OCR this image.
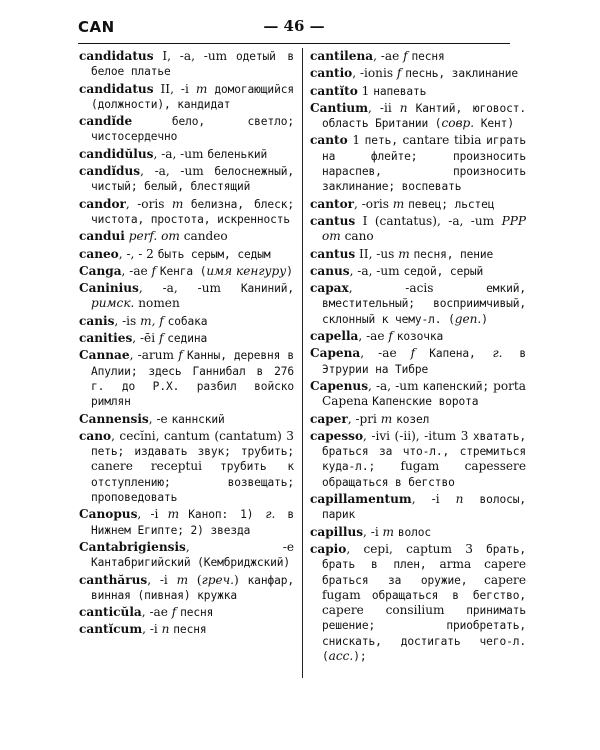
CAN	— 46 —

candidatus I, -a, -um одетый в белое платье

candidatus II, -i m домогающийся (должности), кандидат

candĭde	бело, светло; чистосердечно

candidŭlus, -a, -um беленький

candĭdus, -a, -um белоснежный, чистый; белый, блестящий

candor, -oris m белизна, блеск; чистота, простота, искренность

candui perf. от candeo

caneo, -, - 2 быть серым, седым

Canga, -ae f Кенга (имя кенгуру)

Caninius, -a, -um Каниний, римск. nomen

canis, -is m, f собака

canities, -ēi f седина

Cannae, -arum f Канны, деревня в Апулии; здесь Ганнибал в 276 г. до Р.Х. разбил войско римлян

Cannensis, -e каннский

cano, cecĭni, cantum (cantatum) 3 петь; издавать звук; трубить; canere receptui трубить к отступлению; возвещать; проповедовать

Canopus, -i m Каноп: 1) г. в Нижнем Египте; 2) звезда

Cantabrigiensis, -e Кантабригийский (Кембриджский)

canthărus, -i m (греч.) канфар, винная (пивная) кружка

canticŭla, -ae f песня

cantĭcum, -i n песня

cantilena, -ae f песня

cantio, -ionis f песнь, заклинание

cantĭto 1 напевать

Cantium, -ii n Кантий, юговост. область Британии (совр. Кент)

canto 1 петь, cantare tibia играть на флейте; произносить нараспев, произносить заклинание; воспевать

cantor, -oris m певец; льстец

cantus I (cantatus), -a, -um PPP от cano

cantus II, -us m песня, пение

canus, -a, -um седой, серый

capax, -acis емкий, вместительный; восприимчивый, склонный к чему-л. (gen.)

capella, -ae f козочка

Capena, -ae f Капена, г. в Этрурии на Тибре

Capenus, -a, -um капенский; porta Capena Капенские ворота

caper, -pri m козел

capesso, -ivi (-ii), -itum 3 хватать, браться за что-л., стремиться куда-л.; fugam capessere обращаться в бегство

capillamentum, -i n волосы, парик

capillus, -i m волос

capio, cepi, captum 3 брать, брать в плен, arma capere браться за оружие, capere fugam обращаться в бегство, capere consilium принимать решение; приобретать, снискать, достигать чего-л. (acc.);
